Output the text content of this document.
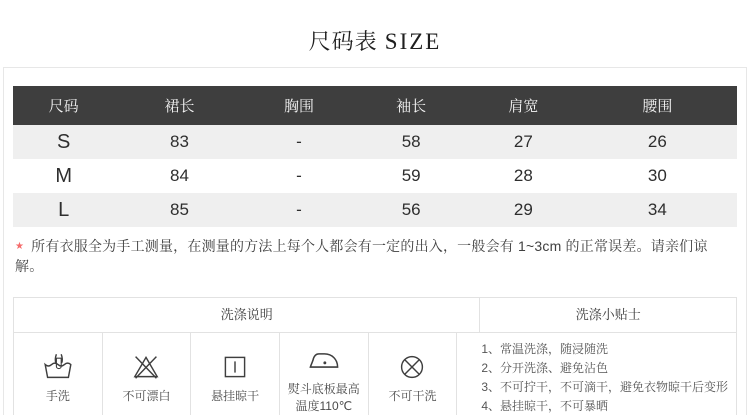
尺码表 SIZE
尺码	裙长	胸围	袖长	肩宽	腰围
S	83	-	58	27	26
M	84	-	59	28	30
L	85	-	56	29	34

★ 所有衣服全为手工测量，在测量的方法上每个人都会有一定的出入，一般会有 1~3cm 的正常误差。请亲们谅解。

洗涤说明	洗涤小贴士
手洗	不可漂白	悬挂晾干
熨斗底板最高温度110℃
不可干洗
1、常温洗涤，随浸随洗
2、分开洗涤、避免沾色
3、不可拧干，不可滴干，避免衣物晾干后变形
4、悬挂晾干，不可暴晒
